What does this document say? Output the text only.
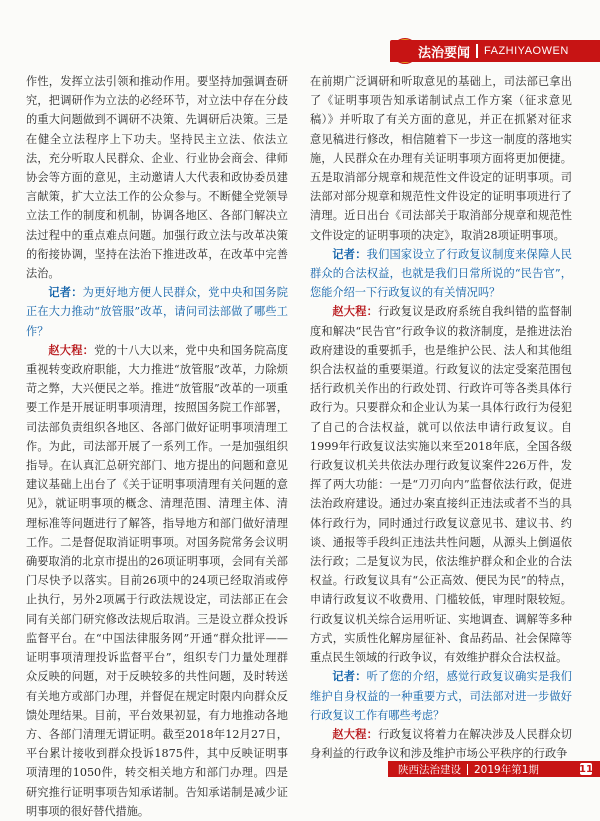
法治要闻 FAZHIYAOWEN

作性，发挥立法引领和推动作用。要坚持加强调查研究，把调研作为立法的必经环节，对立法中存在分歧的重大问题做到不调研不决策、先调研后决策。三是在健全立法程序上下功夫。坚持民主立法、依法立法，充分听取人民群众、企业、行业协会商会、律师协会等方面的意见，主动邀请人大代表和政协委员建言献策，扩大立法工作的公众参与。不断健全党领导立法工作的制度和机制，协调各地区、各部门解决立法过程中的重点难点问题。加强行政立法与改革决策的衔接协调，坚持在法治下推进改革，在改革中完善法治。

记者：为更好地方便人民群众，党中央和国务院正在大力推动“放管服”改革，请问司法部做了哪些工作？

赵大程：党的十八大以来，党中央和国务院高度重视转变政府职能，大力推进“放管服”改革，力除烦苛之弊，大兴便民之举。推进“放管服”改革的一项重要工作是开展证明事项清理，按照国务院工作部署，司法部负责组织各地区、各部门做好证明事项清理工作。为此，司法部开展了一系列工作。一是加强组织指导。在认真汇总研究部门、地方提出的问题和意见建议基础上出台了《关于证明事项清理有关问题的意见》，就证明事项的概念、清理范围、清理主体、清理标准等问题进行了解答，指导地方和部门做好清理工作。二是督促取消证明事项。对国务院常务会议明确要取消的北京市提出的26项证明事项，会同有关部门尽快予以落实。目前26项中的24项已经取消或停止执行，另外2项属于行政法规设定，司法部正在会同有关部门研究修改法规后取消。三是设立群众投诉监督平台。在“中国法律服务网”开通“群众批评——证明事项清理投诉监督平台”，组织专门力量处理群众反映的问题，对于反映较多的共性问题，及时转送有关地方或部门办理，并督促在规定时限内向群众反馈处理结果。目前，平台效果初显，有力地推动各地方、各部门清理无谓证明。截至2018年12月27日，平台累计接收到群众投诉1875件，其中反映证明事项清理的1050件，转交相关地方和部门办理。四是研究推行证明事项告知承诺制。告知承诺制是减少证明事项的很好替代措施。

在前期广泛调研和听取意见的基础上，司法部已拿出了《证明事项告知承诺制试点工作方案（征求意见稿）》并听取了有关方面的意见，并正在抓紧对征求意见稿进行修改，相信随着下一步这一制度的落地实施，人民群众在办理有关证明事项方面将更加便捷。五是取消部分规章和规范性文件设定的证明事项。司法部对部分规章和规范性文件设定的证明事项进行了清理。近日出台《司法部关于取消部分规章和规范性文件设定的证明事项的决定》，取消28项证明事项。

记者：我们国家设立了行政复议制度来保障人民群众的合法权益，也就是我们日常所说的“民告官”，您能介绍一下行政复议的有关情况吗？

赵大程：行政复议是政府系统自我纠错的监督制度和解决“民告官”行政争议的救济制度，是推进法治政府建设的重要抓手，也是维护公民、法人和其他组织合法权益的重要渠道。行政复议的法定受案范围包括行政机关作出的行政处罚、行政许可等各类具体行政行为。只要群众和企业认为某一具体行政行为侵犯了自己的合法权益，就可以依法申请行政复议。自1999年行政复议法实施以来至2018年底，全国各级行政复议机关共依法办理行政复议案件226万件，发挥了两大功能：一是“刀刃向内”监督依法行政，促进法治政府建设。通过办案直接纠正违法或者不当的具体行政行为，同时通过行政复议意见书、建议书、约谈、通报等手段纠正违法共性问题，从源头上倒逼依法行政；二是复议为民，依法维护群众和企业的合法权益。行政复议具有“公正高效、便民为民”的特点，申请行政复议不收费用、门槛较低，审理时限较短。行政复议机关综合运用听证、实地调查、调解等多种方式，实质性化解房屋征补、食品药品、社会保障等重点民生领域的行政争议，有效维护群众合法权益。

记者：听了您的介绍，感觉行政复议确实是我们维护自身权益的一种重要方式，司法部对进一步做好行政复议工作有哪些考虑？

赵大程：行政复议将着力在解决涉及人民群众切身利益的行政争议和涉及维护市场公平秩序的行政争

陕西法治建设 2019年第1期	11
